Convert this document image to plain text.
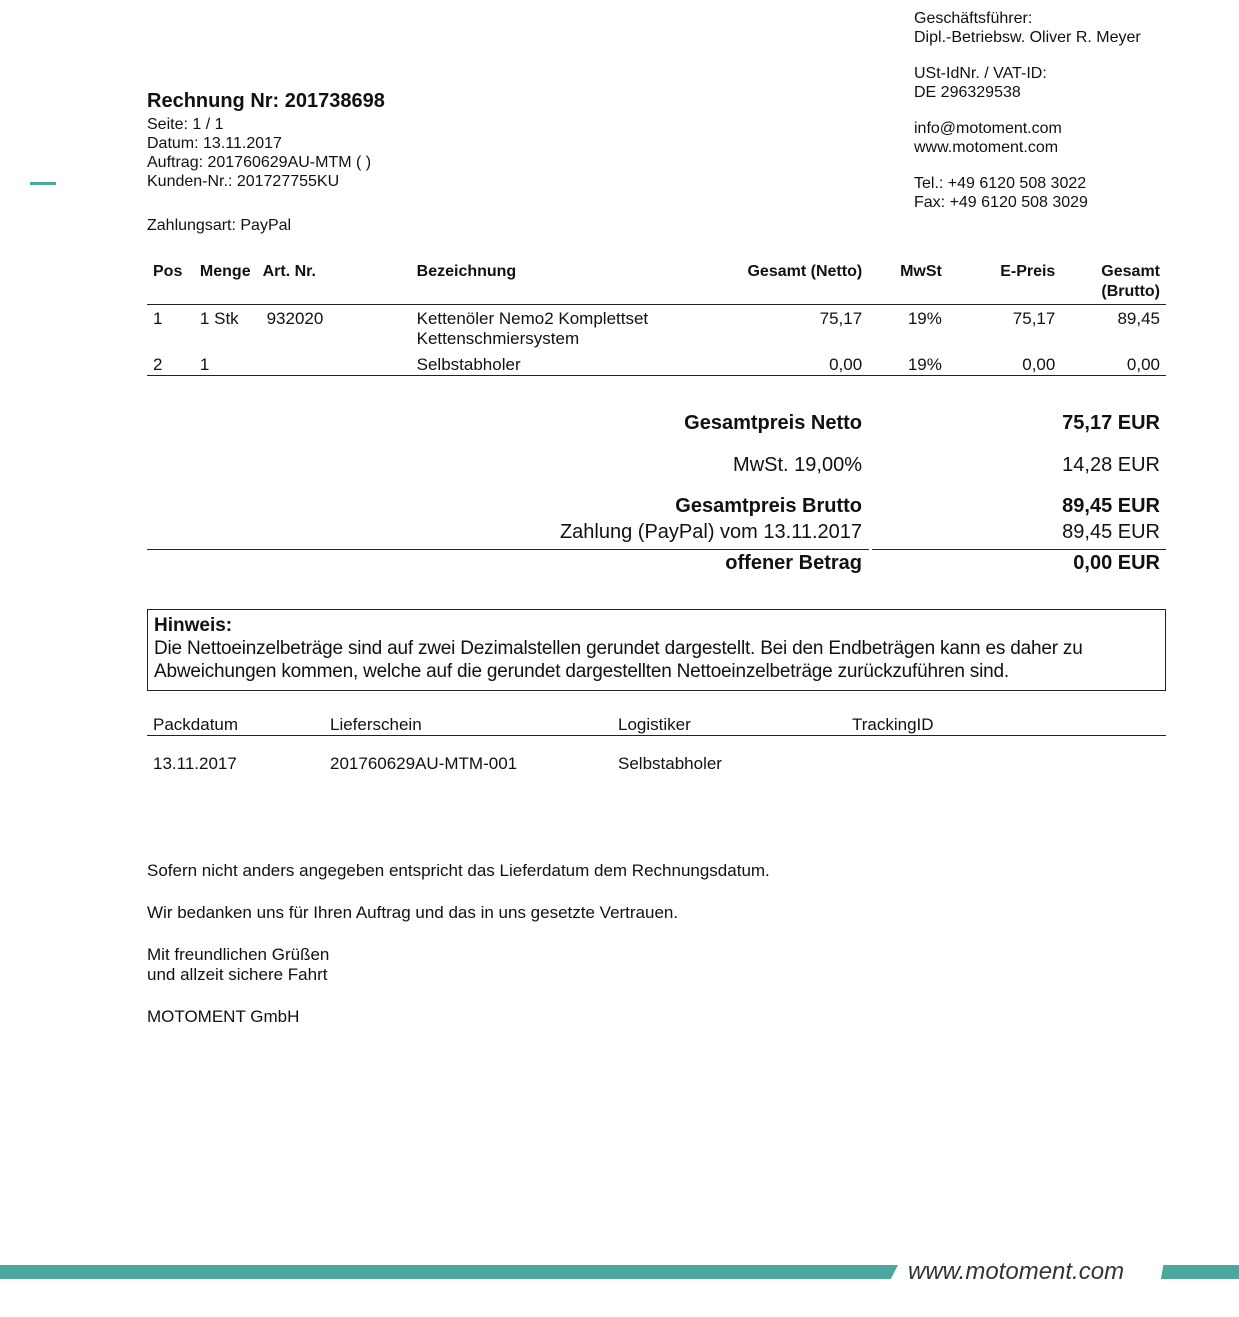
Geschäftsführer:
Dipl.-Betriebsw. Oliver R. Meyer
USt-IdNr. / VAT-ID:
DE 296329538
info@motoment.com
www.motoment.com
Tel.: +49 6120 508 3022
Fax: +49 6120 508 3029
Rechnung Nr: 201738698
Seite: 1 / 1
Datum: 13.11.2017
Auftrag: 201760629AU-MTM ( )
Kunden-Nr.: 201727755KU
Zahlungsart: PayPal
Pos	Menge	Art. Nr.	Bezeichnung	Gesamt (Netto)	MwSt	E-Preis	Gesamt
(Brutto)
1	1 Stk	932020	Kettenöler Nemo2 Komplettset
Kettenschmiersystem	75,17	19%	75,17	89,45
2	1		Selbstabholer	0,00	19%	0,00	0,00
Gesamtpreis Netto	75,17 EUR
MwSt. 19,00%	14,28 EUR
Gesamtpreis Brutto	89,45 EUR
Zahlung (PayPal) vom 13.11.2017	89,45 EUR
offener Betrag	0,00 EUR
Hinweis:
Die Nettoeinzelbeträge sind auf zwei Dezimalstellen gerundet dargestellt. Bei den Endbeträgen kann es daher zu
Abweichungen kommen, welche auf die gerundet dargestellten Nettoeinzelbeträge zurückzuführen sind.
Packdatum	Lieferschein	Logistiker	TrackingID
13.11.2017	201760629AU-MTM-001	Selbstabholer

Sofern nicht anders angegeben entspricht das Lieferdatum dem Rechnungsdatum.

Wir bedanken uns für Ihren Auftrag und das in uns gesetzte Vertrauen.

Mit freundlichen Grüßen
und allzeit sichere Fahrt

MOTOMENT GmbH

www.motoment.com
